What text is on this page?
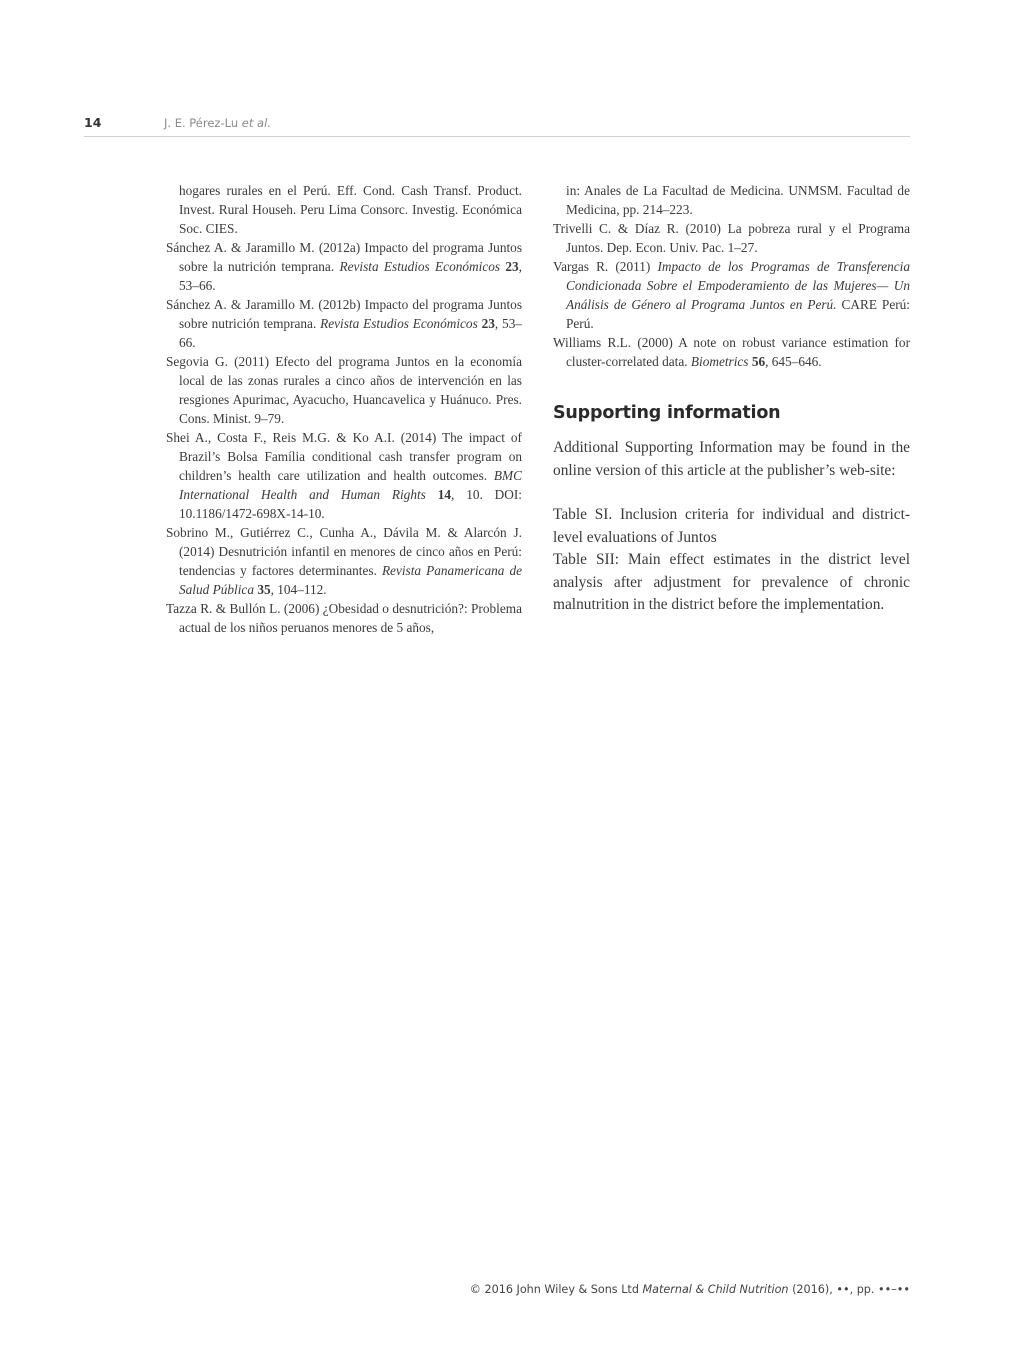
14	J. E. Pérez-Lu et al.

hogares rurales en el Perú. Eff. Cond. Cash Transf. Product. Invest. Rural Househ. Peru Lima Consorc. Investig. Económica Soc. CIES.

Sánchez A. & Jaramillo M. (2012a) Impacto del programa Juntos sobre la nutrición temprana. Revista Estudios Económicos 23, 53–66.

Sánchez A. & Jaramillo M. (2012b) Impacto del programa Juntos sobre nutrición temprana. Revista Estudios Económicos 23, 53–66.

Segovia G. (2011) Efecto del programa Juntos en la economía local de las zonas rurales a cinco años de intervención en las resgiones Apurimac, Ayacucho, Huancavelica y Huánuco. Pres. Cons. Minist. 9–79.

Shei A., Costa F., Reis M.G. & Ko A.I. (2014) The impact of Brazil’s Bolsa Família conditional cash transfer program on children’s health care utilization and health outcomes. BMC International Health and Human Rights 14, 10. DOI: 10.1186/1472-698X-14-10.

Sobrino M., Gutiérrez C., Cunha A., Dávila M. & Alarcón J. (2014) Desnutrición infantil en menores de cinco años en Perú: tendencias y factores determinantes. Revista Panamericana de Salud Pública 35, 104–112.

Tazza R. & Bullón L. (2006) ¿Obesidad o desnutrición?: Problema actual de los niños peruanos menores de 5 años,

in: Anales de La Facultad de Medicina. UNMSM. Facultad de Medicina, pp. 214–223.

Trivelli C. & Díaz R. (2010) La pobreza rural y el Programa Juntos. Dep. Econ. Univ. Pac. 1–27.

Vargas R. (2011) Impacto de los Programas de Transferencia Condicionada Sobre el Empoderamiento de las Mujeres— Un Análisis de Género al Programa Juntos en Perú. CARE Perú: Perú.

Williams R.L. (2000) A note on robust variance estimation for cluster-correlated data. Biometrics 56, 645–646.

Supporting information

Additional Supporting Information may be found in the online version of this article at the publisher’s web-site:

Table SI. Inclusion criteria for individual and district-level evaluations of Juntos

Table SII: Main effect estimates in the district level analysis after adjustment for prevalence of chronic malnutrition in the district before the implementation.

© 2016 John Wiley & Sons Ltd Maternal & Child Nutrition (2016), ••, pp. ••–••
